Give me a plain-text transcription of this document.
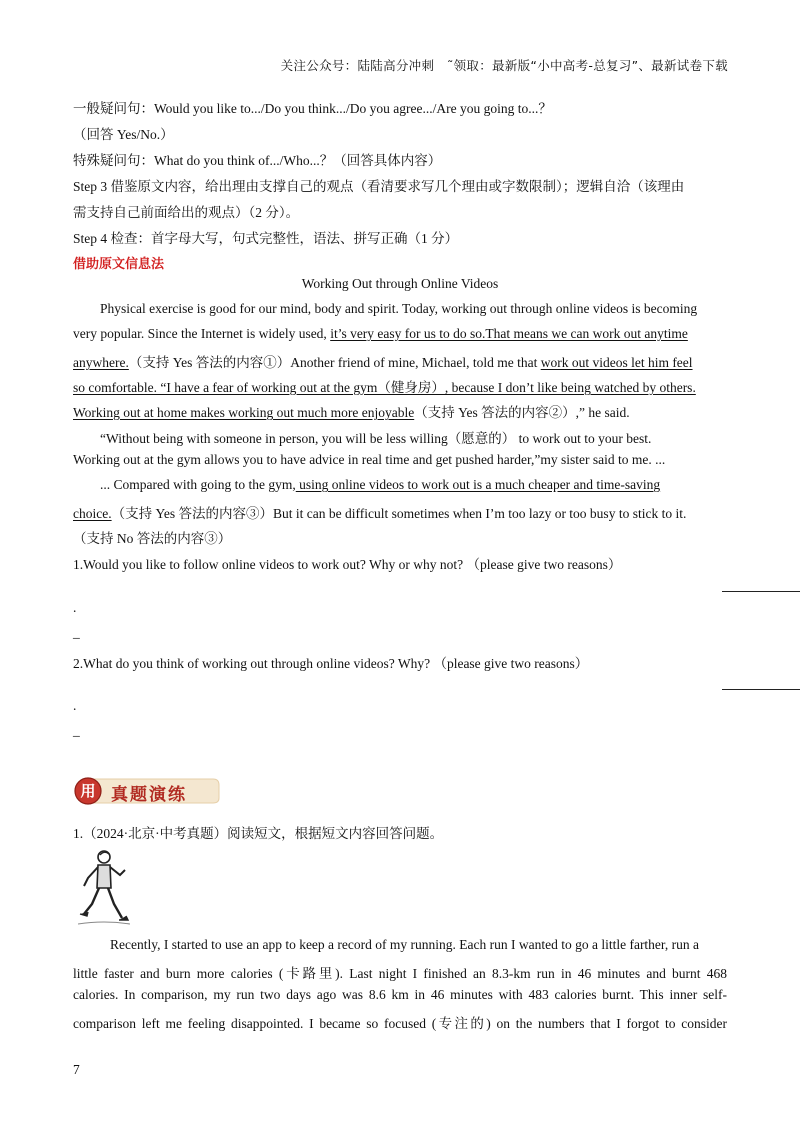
关注公众号：陆陆高分冲刺　˜领取：最新版“小中高考-总复习”、最新试卷下载
一般疑问句：Would you like to.../Do you think.../Do you agree.../Are you going to...？
（回答 Yes/No.）
特殊疑问句：What do you think of.../Who...？（回答具体内容）
Step 3 借鉴原文内容，给出理由支撑自己的观点（看清要求写几个理由或字数限制）；逻辑自洽（该理由
需支持自己前面给出的观点）（2 分）。
Step 4 检查：首字母大写，句式完整性，语法、拼写正确（1 分）
借助原文信息法
Working Out through Online Videos
Physical exercise is good for our mind, body and spirit. Today, working out through online videos is becoming
very popular. Since the Internet is widely used, it’s very easy for us to do so.That means we can work out anytime
anywhere.（支持 Yes 答法的内容①）Another friend of mine, Michael, told me that work out videos let him feel
so comfortable. “I have a fear of working out at the gym（健身房）, because I don’t like being watched by others.
Working out at home makes working out much more enjoyable（支持 Yes 答法的内容②）,” he said.
“Without being with someone in person, you will be less willing（愿意的） to work out to your best.
Working out at the gym allows you to have advice in real time and get pushed harder,”my sister said to me. ...
... Compared with going to the gym, using online videos to work out is a much cheaper and time-saving
choice.（支持 Yes 答法的内容③）But it can be difficult sometimes when I’m too lazy or too busy to stick to it.
（支持 No 答法的内容③）
1.Would you like to follow online videos to work out? Why or why not? （please give two reasons）
.
_
2.What do you think of working out through online videos? Why? （please give two reasons）
.
_
用 真题演练
1.（2024·北京·中考真题）阅读短文，根据短文内容回答问题。
Recently, I started to use an app to keep a record of my running. Each run I wanted to go a little farther, run a
little faster and burn more calories (卡路里). Last night I finished an 8.3-km run in 46 minutes and burnt 468
calories. In comparison, my run two days ago was 8.6 km in 46 minutes with 483 calories burnt. This inner self-
comparison left me feeling disappointed. I became so focused (专注的) on the numbers that I forgot to consider
7
